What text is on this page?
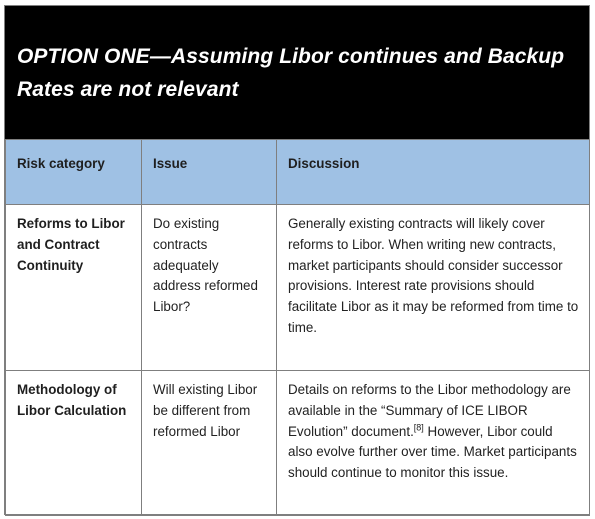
OPTION ONE—Assuming Libor continues and Backup Rates are not relevant
Risk category	Issue	Discussion

Reforms to Libor and Contract Continuity	Do existing contracts adequately address reformed Libor?	Generally existing contracts will likely cover reforms to Libor. When writing new contracts, market participants should consider successor provisions. Interest rate provisions should facilitate Libor as it may be reformed from time to time.

Methodology of Libor Calculation	Will existing Libor be different from reformed Libor	Details on reforms to the Libor methodology are available in the “Summary of ICE LIBOR Evolution” document.[8] However, Libor could also evolve further over time. Market participants should continue to monitor this issue.
